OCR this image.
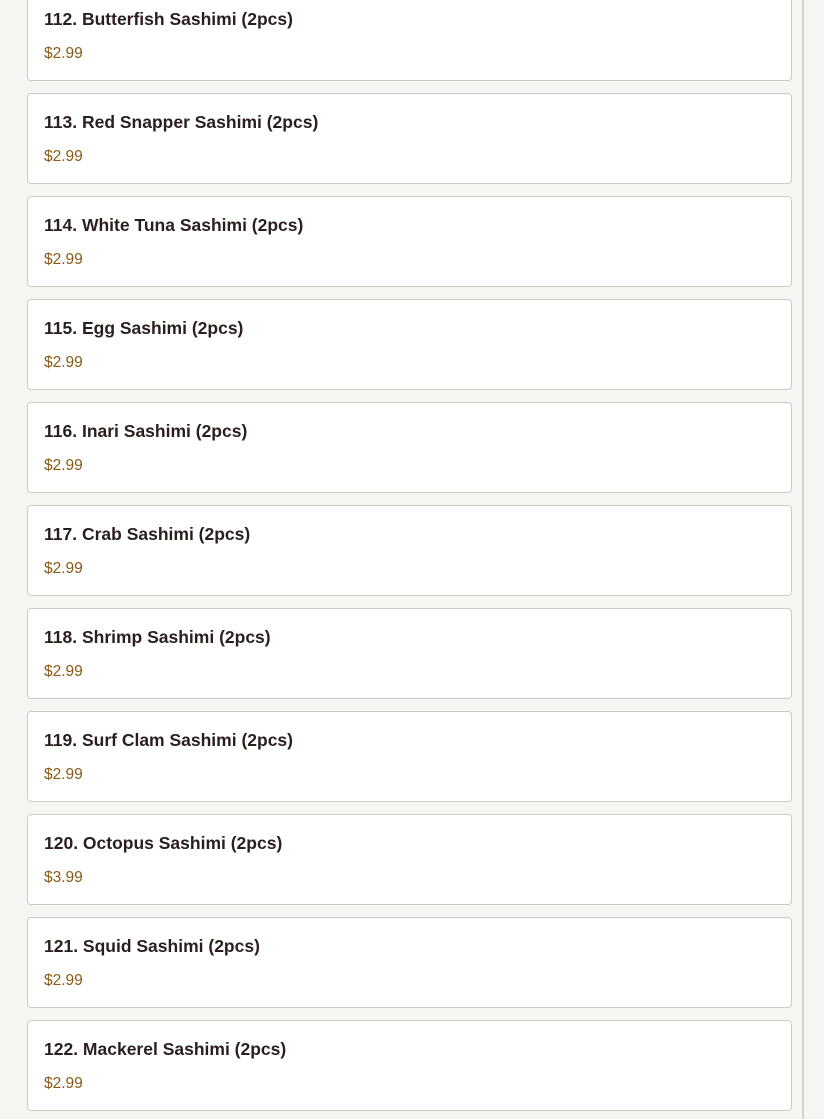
112. Butterfish Sashimi (2pcs)
$2.99
113. Red Snapper Sashimi (2pcs)
$2.99
114. White Tuna Sashimi (2pcs)
$2.99
115. Egg Sashimi (2pcs)
$2.99
116. Inari Sashimi (2pcs)
$2.99
117. Crab Sashimi (2pcs)
$2.99
118. Shrimp Sashimi (2pcs)
$2.99
119. Surf Clam Sashimi (2pcs)
$2.99
120. Octopus Sashimi (2pcs)
$3.99
121. Squid Sashimi (2pcs)
$2.99
122. Mackerel Sashimi (2pcs)
$2.99
